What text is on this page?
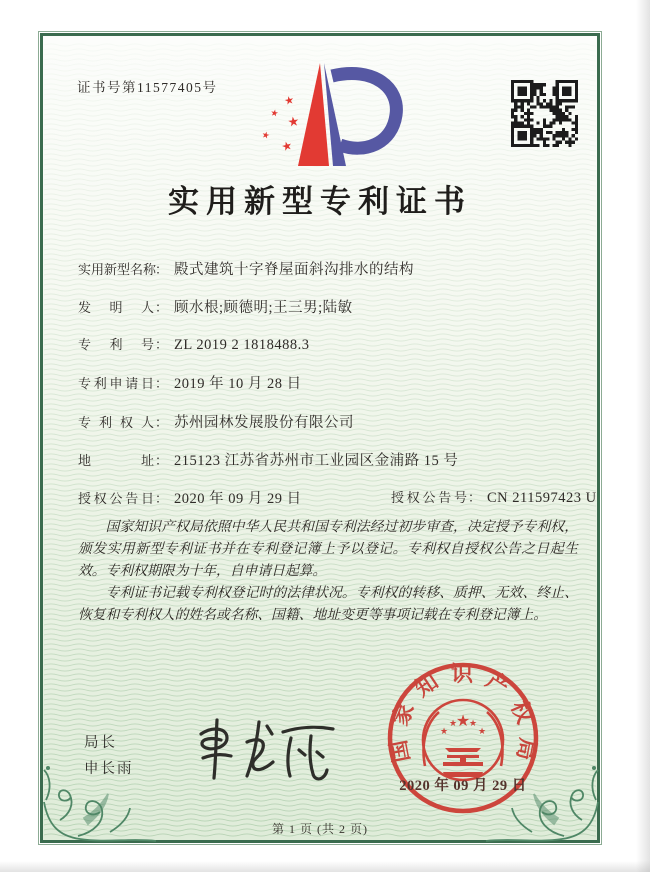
证书号第11577405号
★
★
★
★
★
实用新型专利证书
实用新型名称： 殿式建筑十字脊屋面斜沟排水的结构
发明人： 顾水根;顾德明;王三男;陆敏
专利号： ZL 2019 2 1818488.3
专利申请日： 2019 年 10 月 28 日
专利权人： 苏州园林发展股份有限公司
地址： 215123 江苏省苏州市工业园区金浦路 15 号
授权公告日： 2020 年 09 月 29 日	授权公告号： CN 211597423 U

国家知识产权局依照中华人民共和国专利法经过初步审查，决定授予专利权，颁发实用新型专利证书并在专利登记簿上予以登记。专利权自授权公告之日起生效。专利权期限为十年，自申请日起算。

专利证书记载专利权登记时的法律状况。专利权的转移、质押、无效、终止、恢复和专利权人的姓名或名称、国籍、地址变更等事项记载在专利登记簿上。

局长
申长雨
国家知识产权局
★
★
★ ★
★
2020 年 09 月 29 日
第 1 页 (共 2 页)
